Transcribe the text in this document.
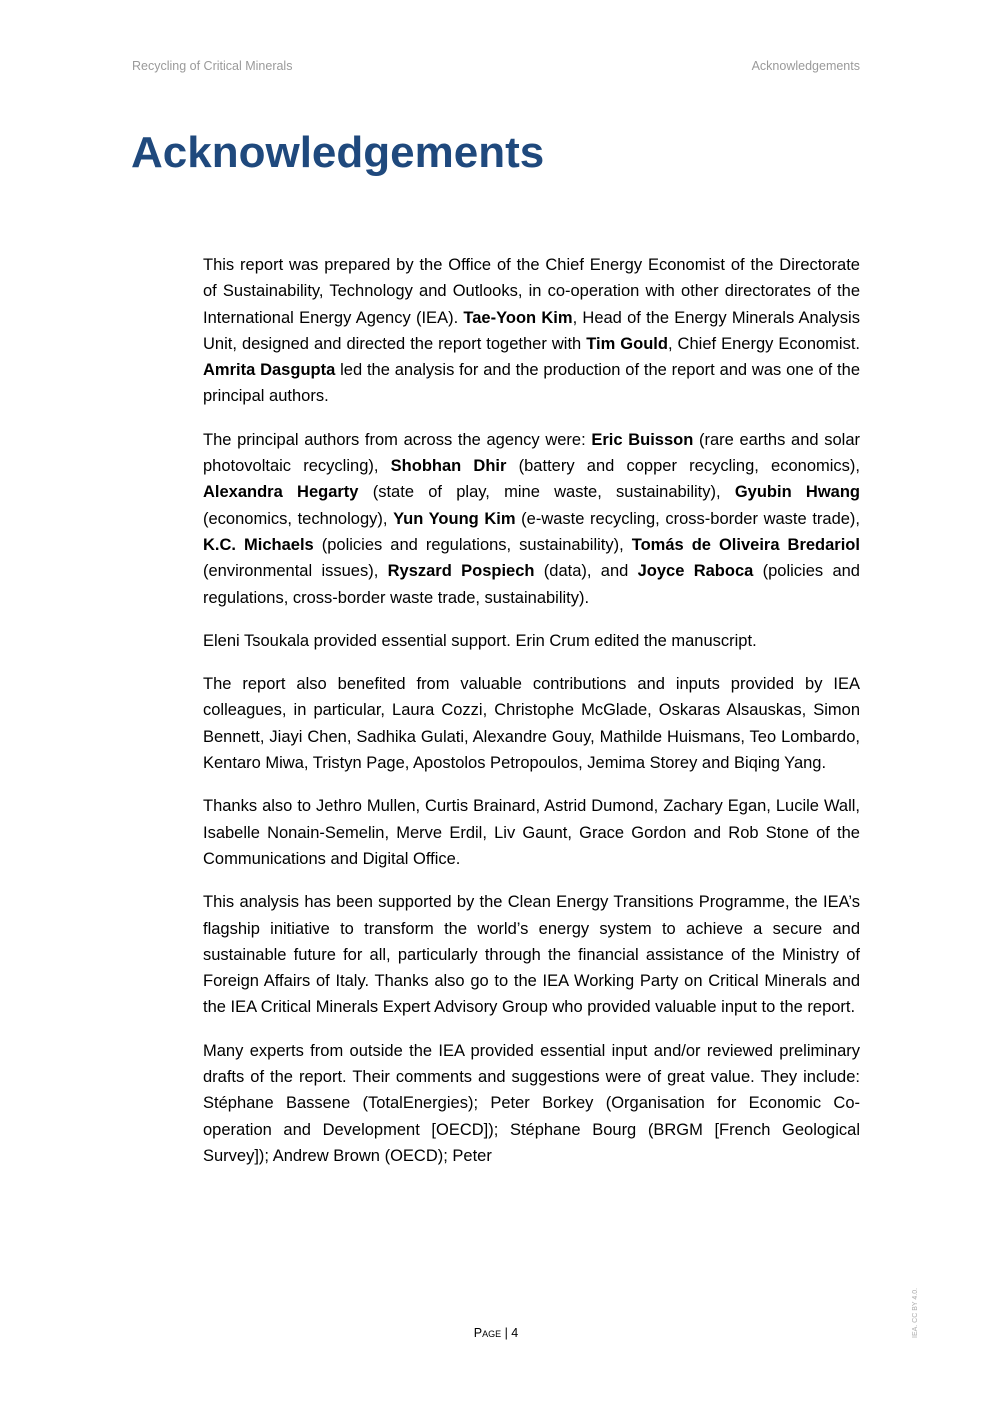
Recycling of Critical Minerals	Acknowledgements
Acknowledgements

This report was prepared by the Office of the Chief Energy Economist of the Directorate of Sustainability, Technology and Outlooks, in co-operation with other directorates of the International Energy Agency (IEA). Tae-Yoon Kim, Head of the Energy Minerals Analysis Unit, designed and directed the report together with Tim Gould, Chief Energy Economist. Amrita Dasgupta led the analysis for and the production of the report and was one of the principal authors.

The principal authors from across the agency were: Eric Buisson (rare earths and solar photovoltaic recycling), Shobhan Dhir (battery and copper recycling, economics), Alexandra Hegarty (state of play, mine waste, sustainability), Gyubin Hwang (economics, technology), Yun Young Kim (e-waste recycling, cross-border waste trade), K.C. Michaels (policies and regulations, sustainability), Tomás de Oliveira Bredariol (environmental issues), Ryszard Pospiech (data), and Joyce Raboca (policies and regulations, cross-border waste trade, sustainability).

Eleni Tsoukala provided essential support. Erin Crum edited the manuscript.

The report also benefited from valuable contributions and inputs provided by IEA colleagues, in particular, Laura Cozzi, Christophe McGlade, Oskaras Alsauskas, Simon Bennett, Jiayi Chen, Sadhika Gulati, Alexandre Gouy, Mathilde Huismans, Teo Lombardo, Kentaro Miwa, Tristyn Page, Apostolos Petropoulos, Jemima Storey and Biqing Yang.

Thanks also to Jethro Mullen, Curtis Brainard, Astrid Dumond, Zachary Egan, Lucile Wall, Isabelle Nonain-Semelin, Merve Erdil, Liv Gaunt, Grace Gordon and Rob Stone of the Communications and Digital Office.

This analysis has been supported by the Clean Energy Transitions Programme, the IEA’s flagship initiative to transform the world’s energy system to achieve a secure and sustainable future for all, particularly through the financial assistance of the Ministry of Foreign Affairs of Italy. Thanks also go to the IEA Working Party on Critical Minerals and the IEA Critical Minerals Expert Advisory Group who provided valuable input to the report.

Many experts from outside the IEA provided essential input and/or reviewed preliminary drafts of the report. Their comments and suggestions were of great value. They include: Stéphane Bassene (TotalEnergies); Peter Borkey (Organisation for Economic Co-operation and Development [OECD]); Stéphane Bourg (BRGM [French Geological Survey]); Andrew Brown (OECD); Peter

Page | 4	IEA. CC BY 4.0.
